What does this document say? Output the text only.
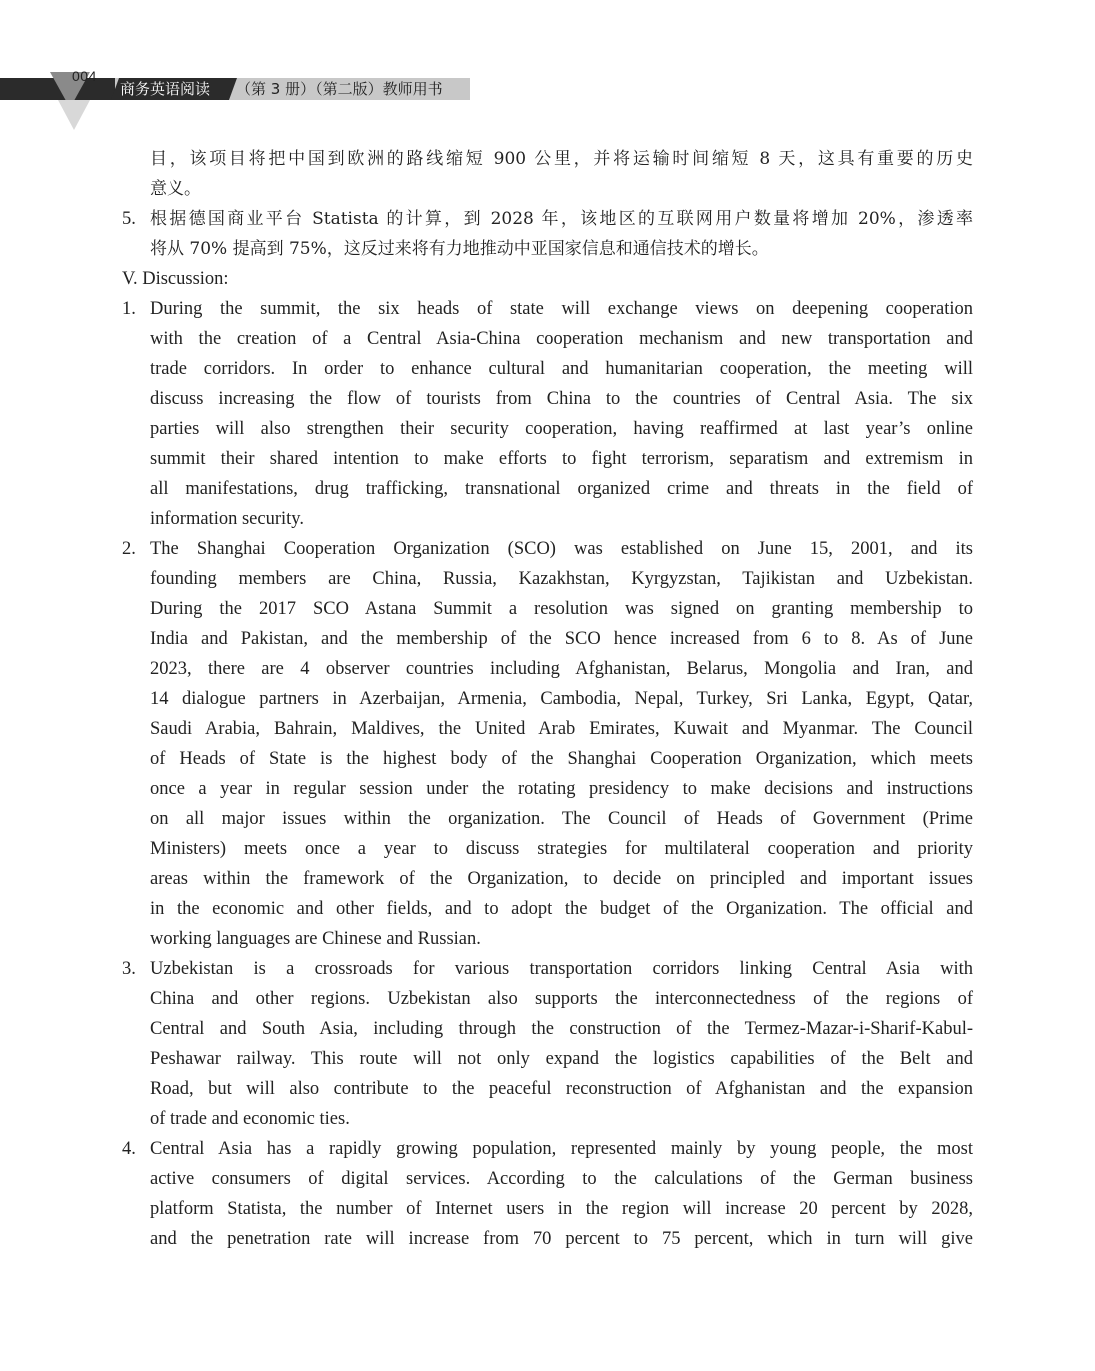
004
商务英语阅读 （第 3 册）（第二版）教师用书
目，该项目将把中国到欧洲的路线缩短 900 公里，并将运输时间缩短 8 天，这具有重要的历史
意义。
5. 根据德国商业平台 Statista 的计算，到 2028 年，该地区的互联网用户数量将增加 20%，渗透率
将从 70% 提高到 75%，这反过来将有力地推动中亚国家信息和通信技术的增长。
V. Discussion:
1. During the summit, the six heads of state will exchange views on deepening cooperation
with the creation of a Central Asia-China cooperation mechanism and new transportation and
trade corridors. In order to enhance cultural and humanitarian cooperation, the meeting will
discuss increasing the flow of tourists from China to the countries of Central Asia. The six
parties will also strengthen their security cooperation, having reaffirmed at last year’s online
summit their shared intention to make efforts to fight terrorism, separatism and extremism in
all manifestations, drug trafficking, transnational organized crime and threats in the field of
information security.
2. The Shanghai Cooperation Organization (SCO) was established on June 15, 2001, and its
founding members are China, Russia, Kazakhstan, Kyrgyzstan, Tajikistan and Uzbekistan.
During the 2017 SCO Astana Summit a resolution was signed on granting membership to
India and Pakistan, and the membership of the SCO hence increased from 6 to 8. As of June
2023, there are 4 observer countries including Afghanistan, Belarus, Mongolia and Iran, and
14 dialogue partners in Azerbaijan, Armenia, Cambodia, Nepal, Turkey, Sri Lanka, Egypt, Qatar,
Saudi Arabia, Bahrain, Maldives, the United Arab Emirates, Kuwait and Myanmar. The Council
of Heads of State is the highest body of the Shanghai Cooperation Organization, which meets
once a year in regular session under the rotating presidency to make decisions and instructions
on all major issues within the organization. The Council of Heads of Government (Prime
Ministers) meets once a year to discuss strategies for multilateral cooperation and priority
areas within the framework of the Organization, to decide on principled and important issues
in the economic and other fields, and to adopt the budget of the Organization. The official and
working languages are Chinese and Russian.
3. Uzbekistan is a crossroads for various transportation corridors linking Central Asia with
China and other regions. Uzbekistan also supports the interconnectedness of the regions of
Central and South Asia, including through the construction of the Termez-Mazar-i-Sharif-Kabul-
Peshawar railway. This route will not only expand the logistics capabilities of the Belt and
Road, but will also contribute to the peaceful reconstruction of Afghanistan and the expansion
of trade and economic ties.
4. Central Asia has a rapidly growing population, represented mainly by young people, the most
active consumers of digital services. According to the calculations of the German business
platform Statista, the number of Internet users in the region will increase 20 percent by 2028,
and the penetration rate will increase from 70 percent to 75 percent, which in turn will give
